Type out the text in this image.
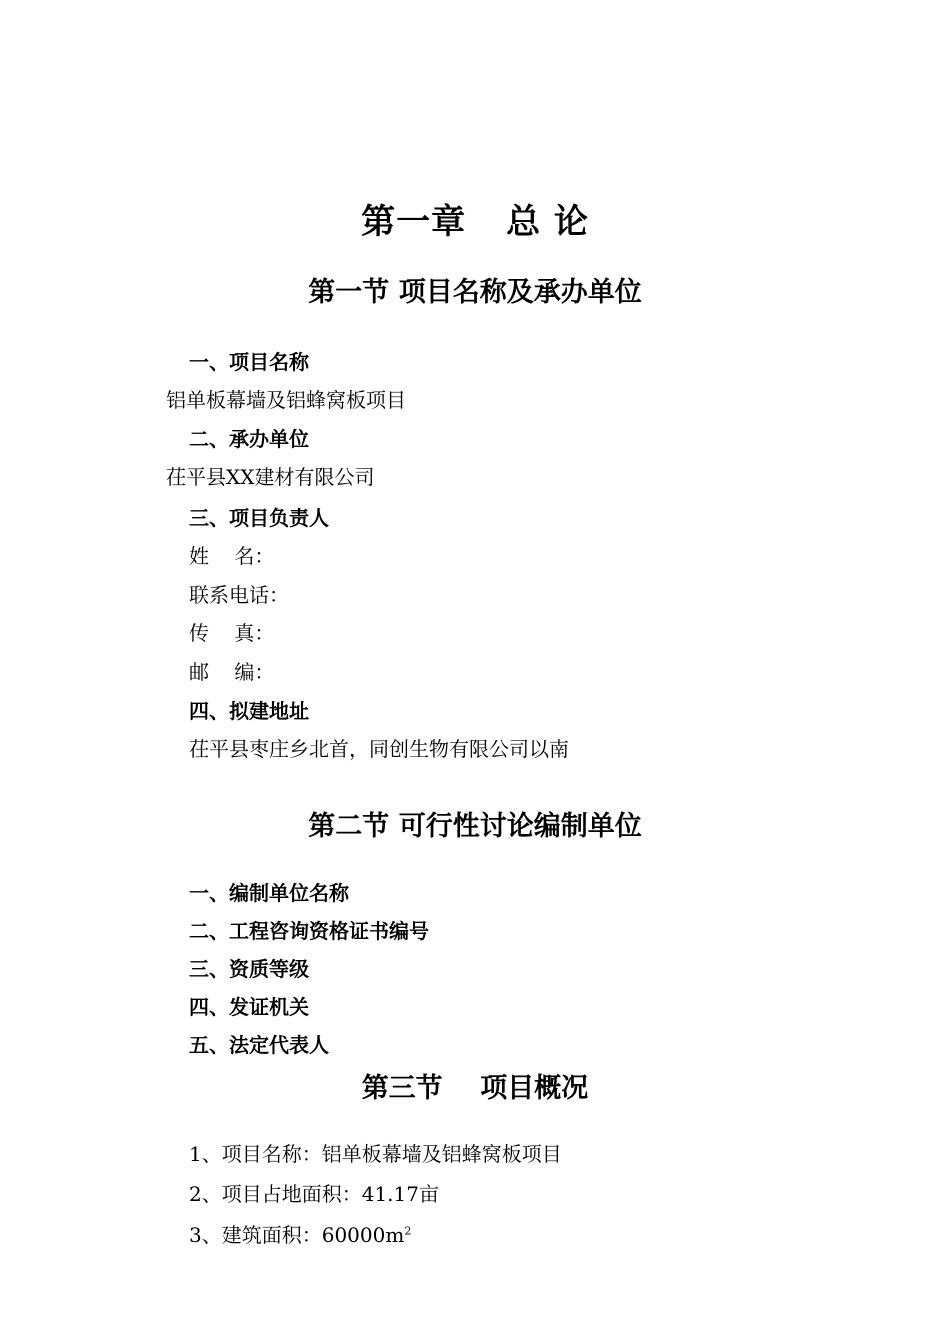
第一章 总 论
第一节 项目名称及承办单位
一、项目名称
铝单板幕墙及铝蜂窝板项目
二、承办单位
茌平县XX建材有限公司
三、项目负责人
姓    名：
联系电话：
传    真：
邮    编：
四、拟建地址
茌平县枣庄乡北首，同创生物有限公司以南
第二节 可行性讨论编制单位
一、编制单位名称
二、工程咨询资格证书编号
三、资质等级
四、发证机关
五、法定代表人
第三节    项目概况
1、项目名称：铝单板幕墙及铝蜂窝板项目
2、项目占地面积：41.17亩
3、建筑面积：$60000m^2$
